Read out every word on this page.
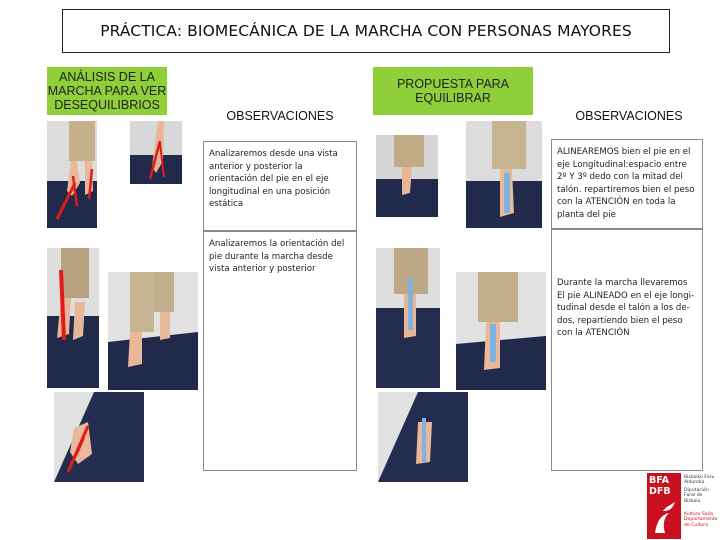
PRÁCTICA: BIOMECÁNICA DE LA MARCHA CON PERSONAS MAYORES
ANÁLISIS DE LA MARCHA PARA VER DESEQUILIBRIOS
PROPUESTA PARA EQUILIBRAR
OBSERVACIONES	OBSERVACIONES
Analizaremos desde una vista anterior y posterior la orientación del pie en el eje longitudinal en una posición estática
Analizaremos la orientación del pie durante la marcha desde vista anterior y posterior
ALINEAREMOS bien el pie en el eje Longitudinal:espacio entre 2º Y 3º dedo con la mitad del talón. repartiremos bien el peso con la ATENCIÓN en toda la planta del pie
Durante la marcha llevaremos El pie ALINEADO en el eje longi-
tudinal desde el talón a los de-
dos, repartiendo bien el peso con la ATENCIÓN
BFA
DFB
Bizkaiko Foru Aldundia
Diputación Foral de Bizkaia
Kultura Saila
Departamento de Cultura
